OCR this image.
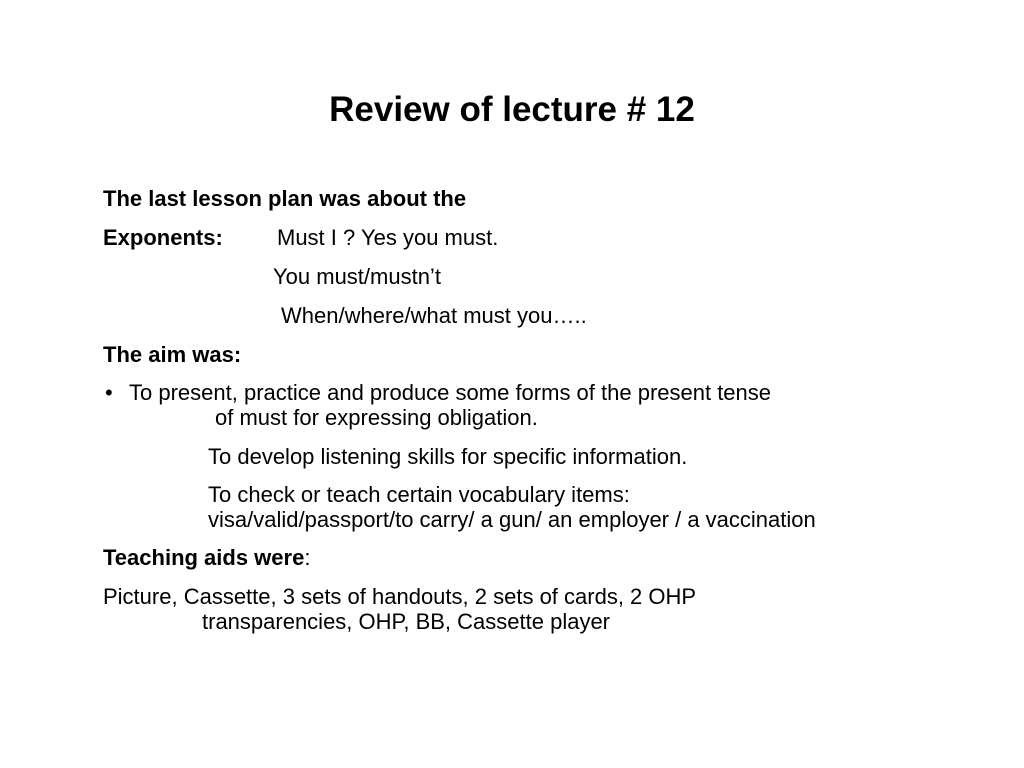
Review of lecture # 12
The last lesson plan was about the
Exponents: Must I ? Yes you must.
You must/mustn’t
When/where/what must you…..
The aim was:
• To present, practice and produce some forms of the present tense
of must for expressing obligation.
To develop listening skills for specific information.
To check or teach certain vocabulary items:
visa/valid/passport/to carry/ a gun/ an employer / a vaccination
Teaching aids were:
Picture, Cassette, 3 sets of handouts, 2 sets of cards, 2 OHP
transparencies, OHP, BB, Cassette player
